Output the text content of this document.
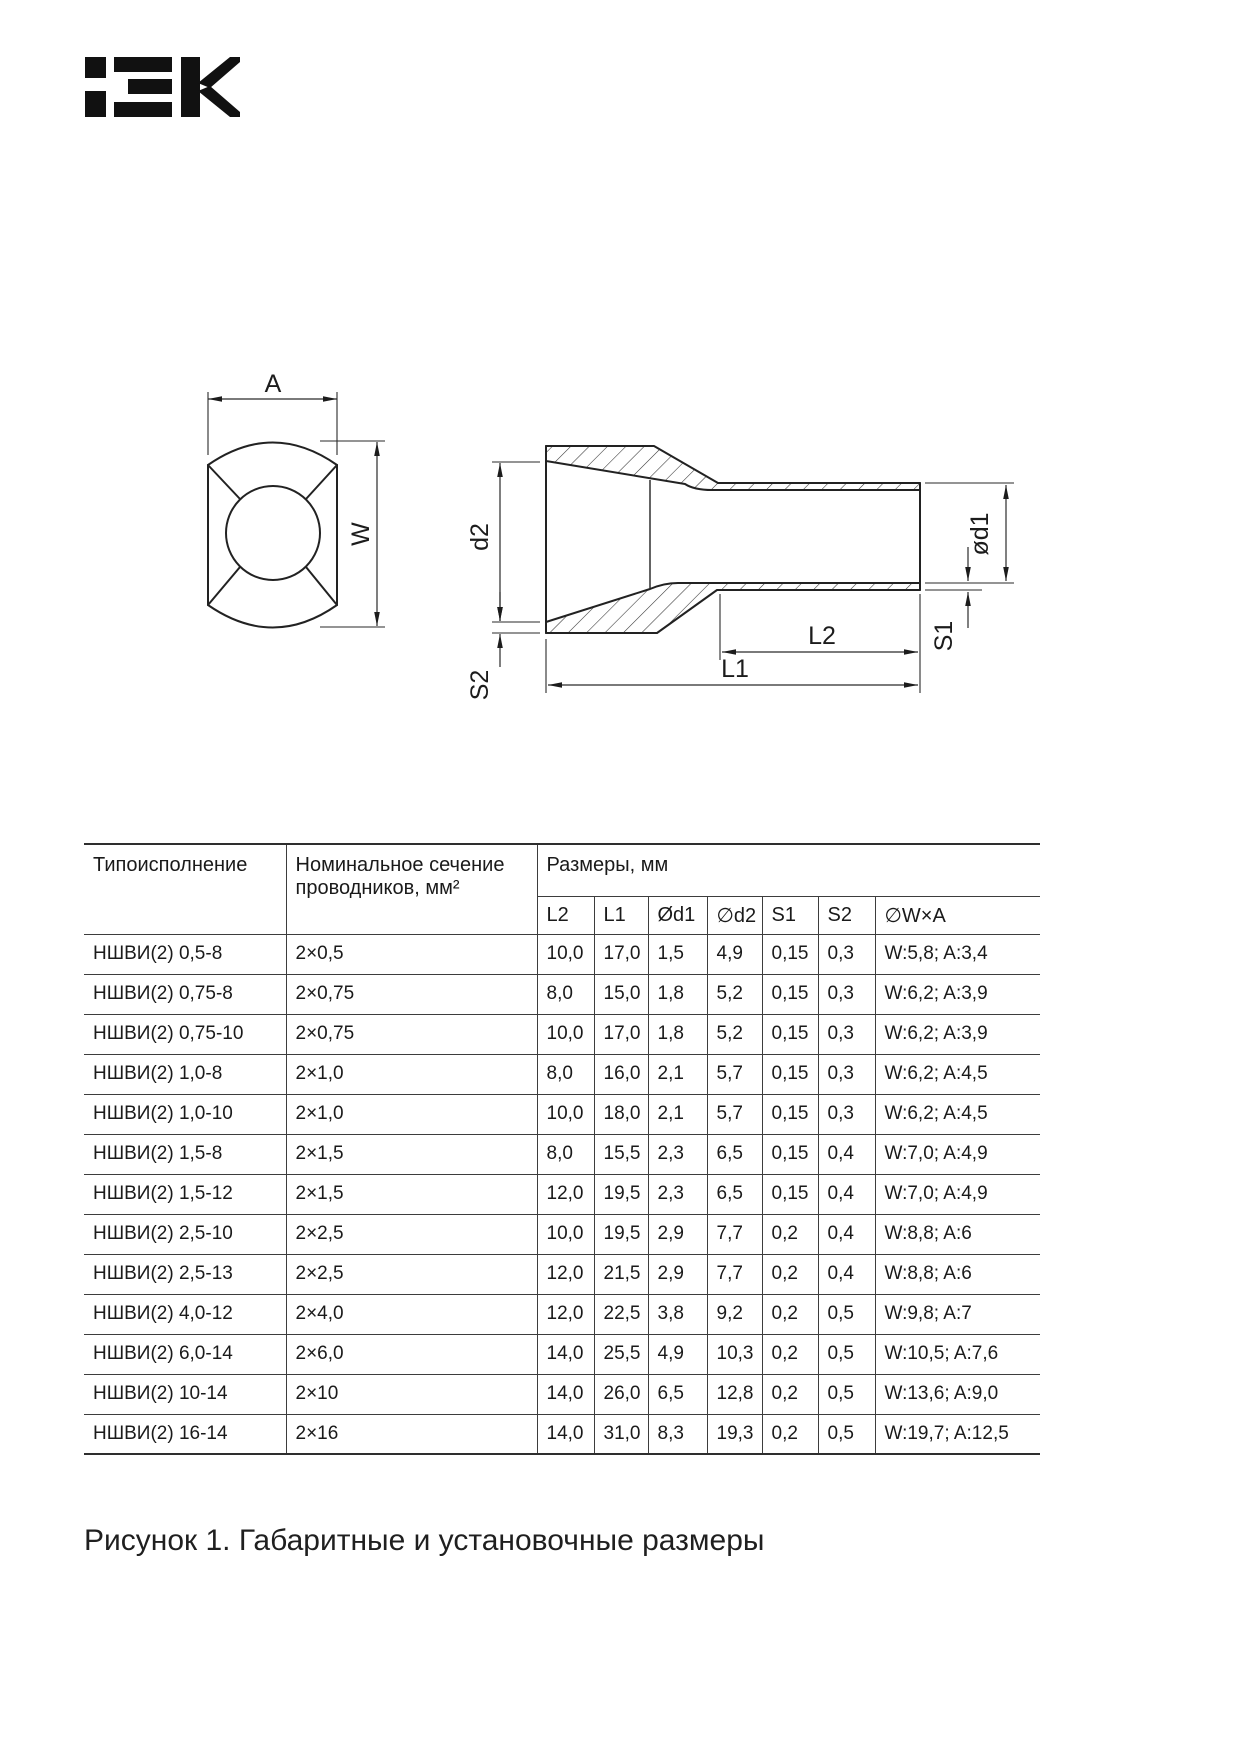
A
W	d2
S2
L2
L1
S1
ød1
Типоисполнение	Номинальное сечение проводников, мм²	Размеры, мм						
		L2	L1	Ød1	∅d2	S1	S2	∅W×A
НШВИ(2) 0,5-8	2×0,5	10,0	17,0	1,5	4,9	0,15	0,3	W:5,8; A:3,4
НШВИ(2) 0,75-8	2×0,75	8,0	15,0	1,8	5,2	0,15	0,3	W:6,2; A:3,9
НШВИ(2) 0,75-10	2×0,75	10,0	17,0	1,8	5,2	0,15	0,3	W:6,2; A:3,9
НШВИ(2) 1,0-8	2×1,0	8,0	16,0	2,1	5,7	0,15	0,3	W:6,2; A:4,5
НШВИ(2) 1,0-10	2×1,0	10,0	18,0	2,1	5,7	0,15	0,3	W:6,2; A:4,5
НШВИ(2) 1,5-8	2×1,5	8,0	15,5	2,3	6,5	0,15	0,4	W:7,0; A:4,9
НШВИ(2) 1,5-12	2×1,5	12,0	19,5	2,3	6,5	0,15	0,4	W:7,0; A:4,9
НШВИ(2) 2,5-10	2×2,5	10,0	19,5	2,9	7,7	0,2	0,4	W:8,8; A:6
НШВИ(2) 2,5-13	2×2,5	12,0	21,5	2,9	7,7	0,2	0,4	W:8,8; A:6
НШВИ(2) 4,0-12	2×4,0	12,0	22,5	3,8	9,2	0,2	0,5	W:9,8; A:7
НШВИ(2) 6,0-14	2×6,0	14,0	25,5	4,9	10,3	0,2	0,5	W:10,5; A:7,6
НШВИ(2) 10-14	2×10	14,0	26,0	6,5	12,8	0,2	0,5	W:13,6; A:9,0
НШВИ(2) 16-14	2×16	14,0	31,0	8,3	19,3	0,2	0,5	W:19,7; A:12,5
Рисунок 1. Габаритные и установочные размеры
